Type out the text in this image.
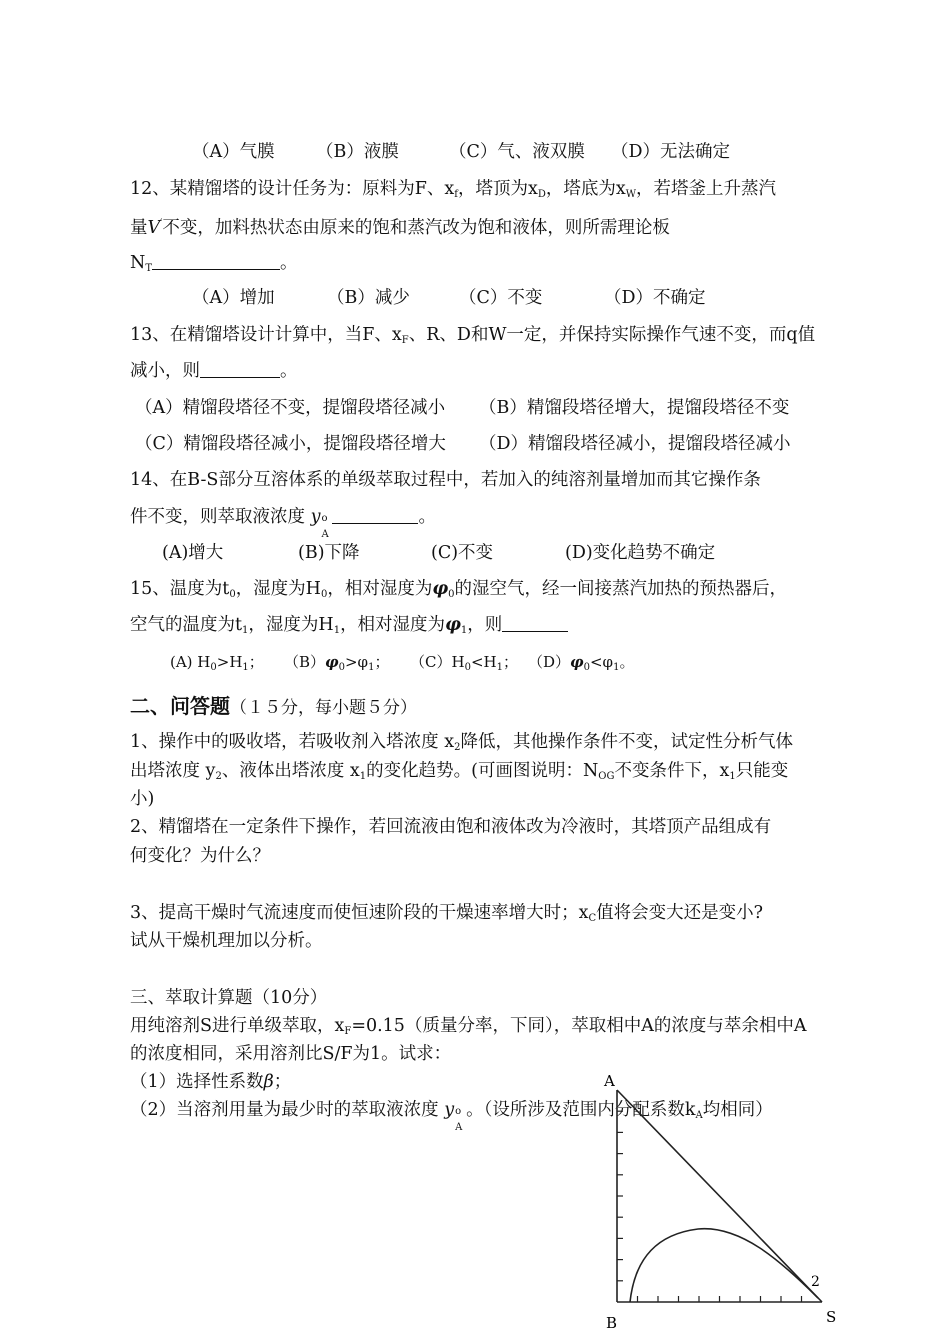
（A）气膜 （B）液膜	（C）气、液双膜 （D）无法确定
12、某精馏塔的设计任务为：原料为F、$x_f$，塔顶为$x_D$，塔底为$x_W$，若塔釜上升蒸汽
量V′不变，加料热状态由原来的饱和蒸汽改为饱和液体，则所需理论板
$N_T$	。
（A）增加	（B）减少	（C）不变	（D）不确定
13、在精馏塔设计计算中，当F、$x_F$、R、D和W一定，并保持实际操作气速不变，而q值
减小，则	。
（A）精馏段塔径不变，提馏段塔径减小 （B）精馏段塔径增大，提馏段塔径不变
（C）精馏段塔径减小，提馏段塔径增大 （D）精馏段塔径减小，提馏段塔径减小
14、在B-S部分互溶体系的单级萃取过程中，若加入的纯溶剂量增加而其它操作条
件不变，则萃取液浓度 y o
A
。
(A)增大	(B)下降	(C)不变	(D)变化趋势不确定
15、温度为$t_0$，湿度为$H_0$，相对湿度为$\varphi_0$的湿空气，经一间接蒸汽加热的预热器后，
空气的温度为$t_1$，湿度为$H_1$，相对湿度为$\varphi_1$，则
(A) $H_0>H_1$； $(B)\varphi_0>\varphi_1$； $(C)H_0<H_1$； $(D)\varphi_0<\varphi_1$。
二、问答题（１５分，每小题５分）
1、操作中的吸收塔，若吸收剂入塔浓度 $x_2$降低，其他操作条件不变，试定性分析气体
出塔浓度 $y_2$、液体出塔浓度 $x_1$的变化趋势。(可画图说明：$N_{OG}$不变条件下，$x_1$只能变
小)
2、精馏塔在一定条件下操作，若回流液由饱和液体改为冷液时，其塔顶产品组成有
何变化？为什么？
3、提高干燥时气流速度而使恒速阶段的干燥速率增大时；$x_C$值将会变大还是变小?
试从干燥机理加以分析。
三、萃取计算题（10分）
用纯溶剂S进行单级萃取，$x_F=0.15$（质量分率，下同），萃取相中A的浓度与萃余相中A
的浓度相同，采用溶剂比S/F为1。试求：
（1）选择性系数β；
（2）当溶剂用量为最少时的萃取液浓度 y o
A
。（设所涉及范围内分配系数$k_A$均相同）
A
B	S
2
